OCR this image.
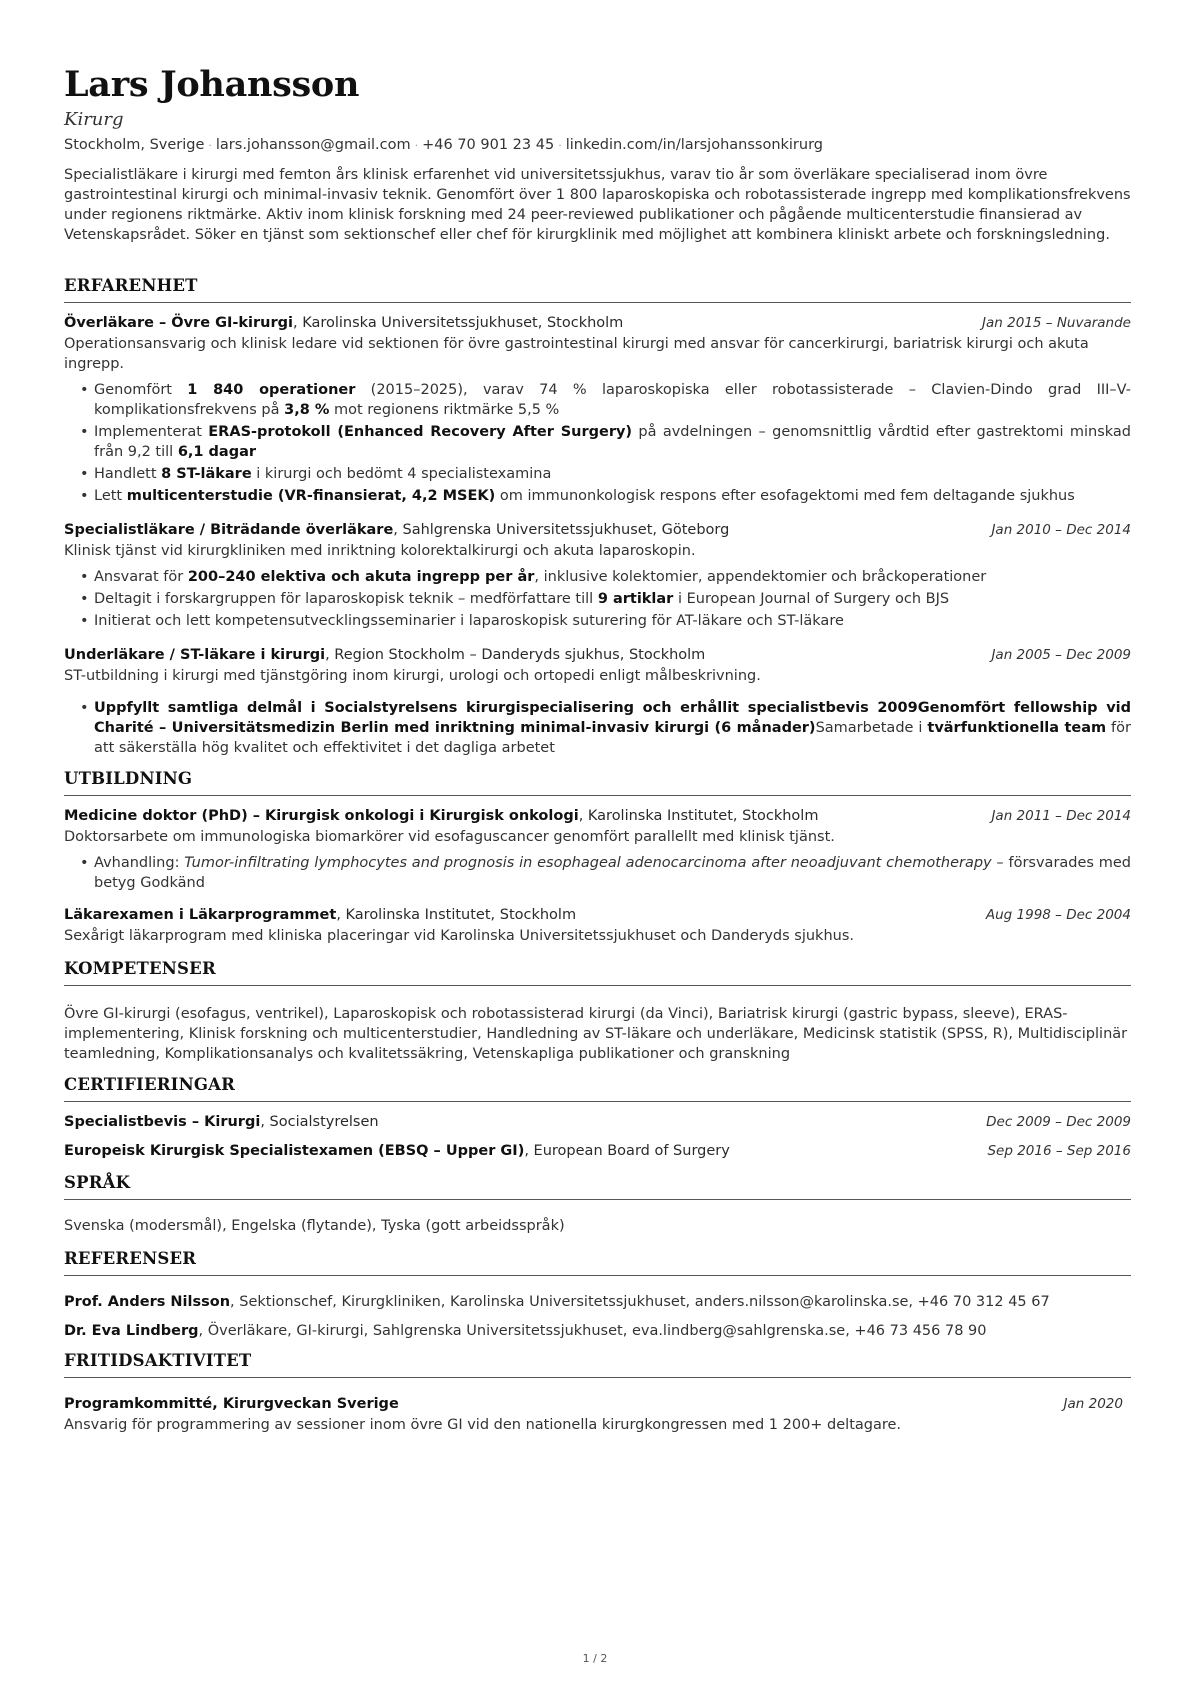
Lars Johansson
Kirurg
Stockholm, Sverige · lars.johansson@gmail.com · +46 70 901 23 45 · linkedin.com/in/larsjohanssonkirurg
Specialistläkare i kirurgi med femton års klinisk erfarenhet vid universitetssjukhus, varav tio år som överläkare specialiserad inom övre gastrointestinal kirurgi och minimal-invasiv teknik. Genomfört över 1 800 laparoskopiska och robotassisterade ingrepp med komplikationsfrekvens under regionens riktmärke. Aktiv inom klinisk forskning med 24 peer-reviewed publikationer och pågående multicenterstudie finansierad av Vetenskapsrådet. Söker en tjänst som sektionschef eller chef för kirurgklinik med möjlighet att kombinera kliniskt arbete och forskningsledning.
ERFARENHET
Överläkare – Övre GI-kirurgi, Karolinska Universitetssjukhuset, Stockholm	Jan 2015 – Nuvarande
Operationsansvarig och klinisk ledare vid sektionen för övre gastrointestinal kirurgi med ansvar för cancerkirurgi, bariatrisk kirurgi och akuta ingrepp.
• Genomfört 1 840 operationer (2015–2025), varav 74 % laparoskopiska eller robotassisterade – Clavien-Dindo grad III–V-komplikationsfrekvens på 3,8 % mot regionens riktmärke 5,5 %
• Implementerat ERAS-protokoll (Enhanced Recovery After Surgery) på avdelningen – genomsnittlig vårdtid efter gastrektomi minskad från 9,2 till 6,1 dagar
• Handlett 8 ST-läkare i kirurgi och bedömt 4 specialistexamina
• Lett multicenterstudie (VR-finansierat, 4,2 MSEK) om immunonkologisk respons efter esofagektomi med fem deltagande sjukhus
Specialistläkare / Biträdande överläkare, Sahlgrenska Universitetssjukhuset, Göteborg	Jan 2010 – Dec 2014
Klinisk tjänst vid kirurgkliniken med inriktning kolorektalkirurgi och akuta laparoskopin.
• Ansvarat för 200–240 elektiva och akuta ingrepp per år, inklusive kolektomier, appendektomier och bråckoperationer
• Deltagit i forskargruppen för laparoskopisk teknik – medförfattare till 9 artiklar i European Journal of Surgery och BJS
• Initierat och lett kompetensutvecklingsseminarier i laparoskopisk suturering för AT-läkare och ST-läkare
Underläkare / ST-läkare i kirurgi, Region Stockholm – Danderyds sjukhus, Stockholm	Jan 2005 – Dec 2009
ST-utbildning i kirurgi med tjänstgöring inom kirurgi, urologi och ortopedi enligt målbeskrivning.
• Uppfyllt samtliga delmål i Socialstyrelsens kirurgispecialisering och erhållit specialistbevis 2009Genomfört fellowship vid Charité – Universitätsmedizin Berlin med inriktning minimal-invasiv kirurgi (6 månader)Samarbetade i tvärfunktionella team för att säkerställa hög kvalitet och effektivitet i det dagliga arbetet
UTBILDNING
Medicine doktor (PhD) – Kirurgisk onkologi i Kirurgisk onkologi, Karolinska Institutet, Stockholm	Jan 2011 – Dec 2014
Doktorsarbete om immunologiska biomarkörer vid esofaguscancer genomfört parallellt med klinisk tjänst.
• Avhandling: Tumor-infiltrating lymphocytes and prognosis in esophageal adenocarcinoma after neoadjuvant chemotherapy – försvarades med betyg Godkänd
Läkarexamen i Läkarprogrammet, Karolinska Institutet, Stockholm	Aug 1998 – Dec 2004
Sexårigt läkarprogram med kliniska placeringar vid Karolinska Universitetssjukhuset och Danderyds sjukhus.
KOMPETENSER
Övre GI-kirurgi (esofagus, ventrikel), Laparoskopisk och robotassisterad kirurgi (da Vinci), Bariatrisk kirurgi (gastric bypass, sleeve), ERAS-implementering, Klinisk forskning och multicenterstudier, Handledning av ST-läkare och underläkare, Medicinsk statistik (SPSS, R), Multidisciplinär teamledning, Komplikationsanalys och kvalitetssäkring, Vetenskapliga publikationer och granskning
CERTIFIERINGAR
Specialistbevis – Kirurgi, Socialstyrelsen	Dec 2009 – Dec 2009
Europeisk Kirurgisk Specialistexamen (EBSQ – Upper GI), European Board of Surgery	Sep 2016 – Sep 2016
SPRÅK
Svenska (modersmål), Engelska (flytande), Tyska (gott arbeidsspråk)
REFERENSER
Prof. Anders Nilsson, Sektionschef, Kirurgkliniken, Karolinska Universitetssjukhuset, anders.nilsson@karolinska.se, +46 70 312 45 67
Dr. Eva Lindberg, Överläkare, GI-kirurgi, Sahlgrenska Universitetssjukhuset, eva.lindberg@sahlgrenska.se, +46 73 456 78 90
FRITIDSAKTIVITET
Programkommitté, Kirurgveckan Sverige	Jan 2020
Ansvarig för programmering av sessioner inom övre GI vid den nationella kirurgkongressen med 1 200+ deltagare.
1 / 2
